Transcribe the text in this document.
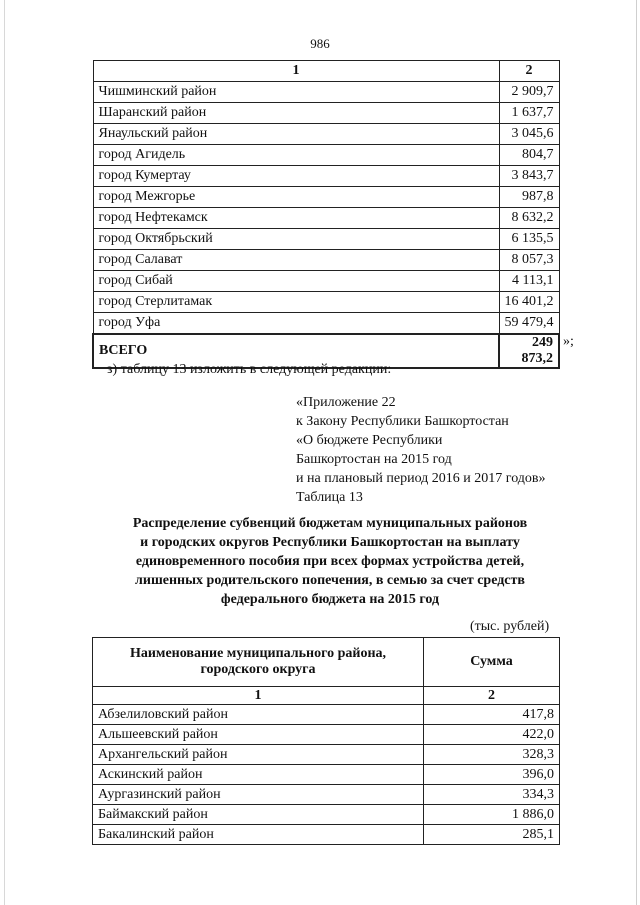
986
1	2
Чишминский район	2 909,7
Шаранский район	1 637,7
Янаульский район	3 045,6
город Агидель	804,7
город Кумертау	3 843,7
город Межгорье	987,8
город Нефтекамск	8 632,2
город Октябрьский	6 135,5
город Салават	8 057,3
город Сибай	4 113,1
город Стерлитамак	16 401,2
город Уфа	59 479,4
ВСЕГО	249 873,2
»;
з) таблицу 13 изложить в следующей редакции:
«Приложение 22
к Закону Республики Башкортостан
«О бюджете Республики
Башкортостан на 2015 год
и на плановый период 2016 и 2017 годов»
Таблица 13
Распределение субвенций бюджетам муниципальных районов
и городских округов Республики Башкортостан на выплату
единовременного пособия при всех формах устройства детей,
лишенных родительского попечения, в семью за счет средств
федерального бюджета на 2015 год
(тыс. рублей)
Наименование муниципального района,
городского округа	Сумма
1	2
Абзелиловский район	417,8
Альшеевский район	422,0
Архангельский район	328,3
Аскинский район	396,0
Аургазинский район	334,3
Баймакский район	1 886,0
Бакалинский район	285,1
